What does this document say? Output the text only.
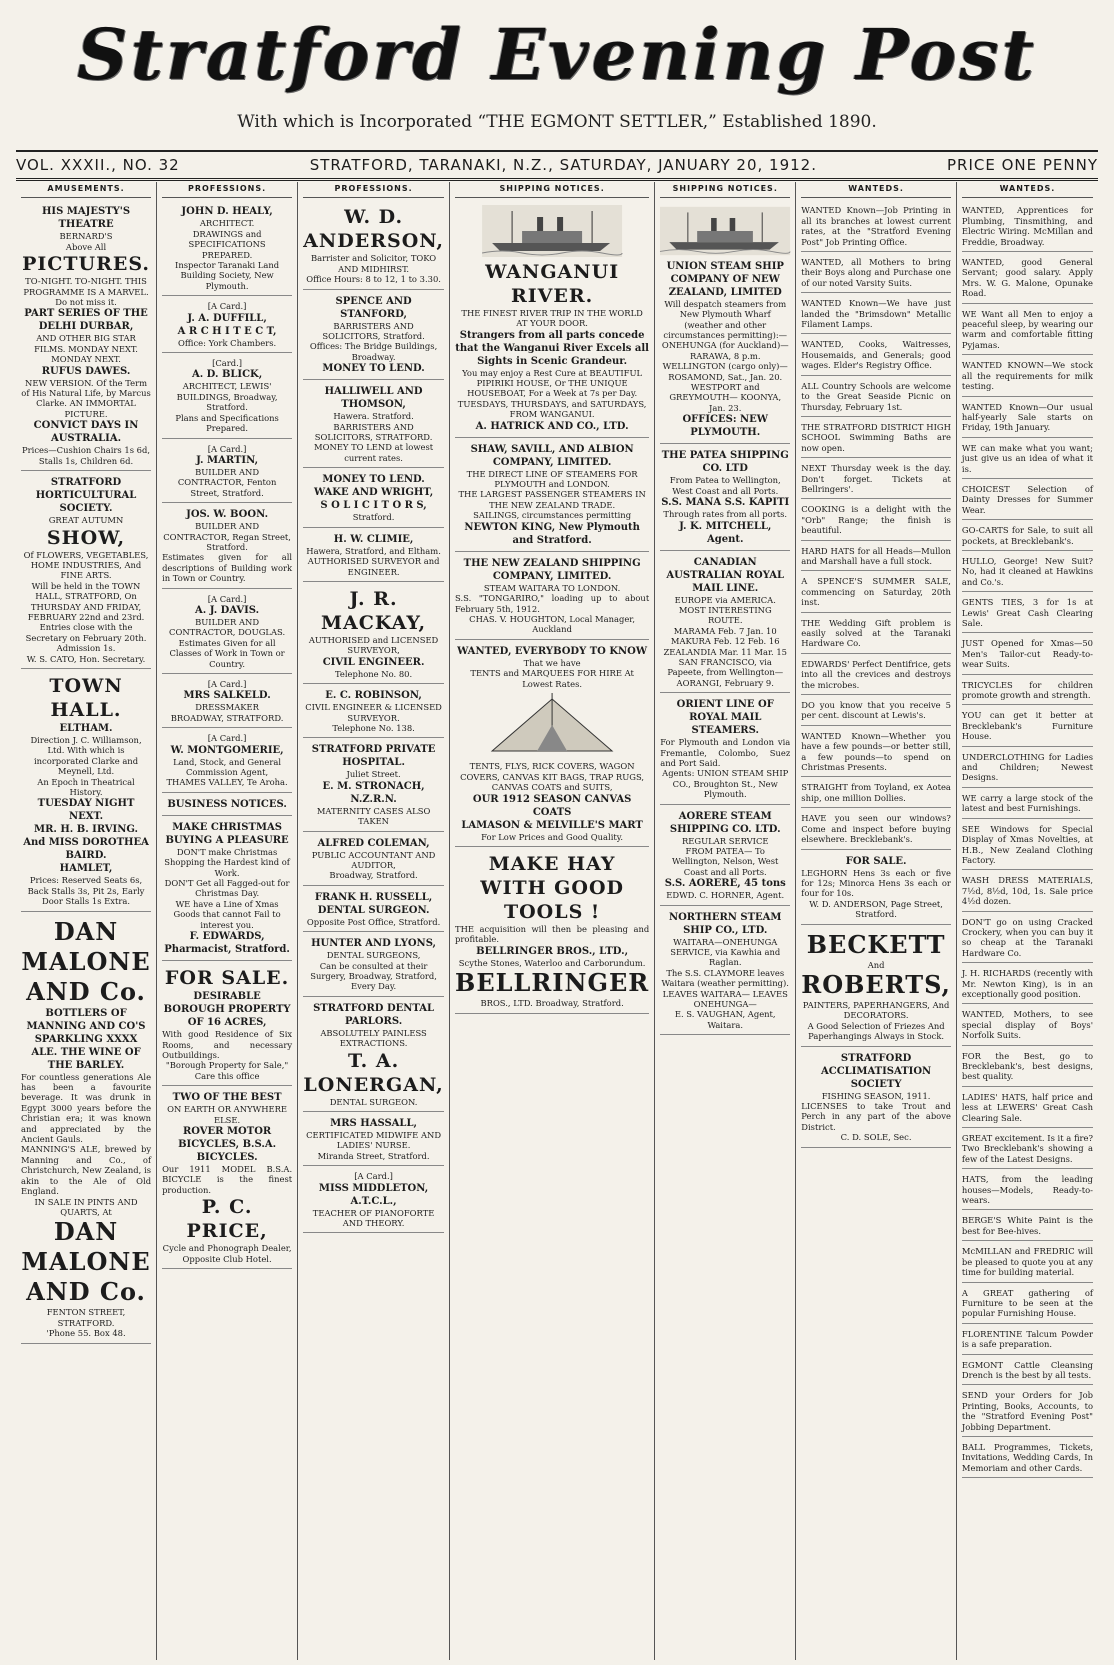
Stratford Evening Post
With which is Incorporated “THE EGMONT SETTLER,” Established 1890.
VOL. XXXII., NO. 32	STRATFORD, TARANAKI, N.Z., SATURDAY, JANUARY 20, 1912.	PRICE ONE PENNY
AMUSEMENTS.
HIS MAJESTY'S THEATRE
BERNARD'S
Above All
PICTURES.
TO-NIGHT. TO-NIGHT. THIS PROGRAMME IS A MARVEL. Do not miss it.
PART SERIES OF THE DELHI DURBAR,
AND OTHER BIG STAR FILMS. MONDAY NEXT. MONDAY NEXT.
RUFUS DAWES.
NEW VERSION. Of the Term of His Natural Life, by Marcus Clarke. AN IMMORTAL PICTURE.
CONVICT DAYS IN AUSTRALIA.
Prices—Cushion Chairs 1s 6d, Stalls 1s, Children 6d.
STRATFORD HORTICULTURAL SOCIETY.
GREAT AUTUMN
SHOW,
Of FLOWERS, VEGETABLES, HOME INDUSTRIES, And FINE ARTS.
Will be held in the TOWN HALL, STRATFORD, On THURSDAY AND FRIDAY, FEBRUARY 22nd and 23rd.
Entries close with the Secretary on February 20th. Admission 1s.
W. S. CATO, Hon. Secretary.
TOWN HALL.
ELTHAM.
Direction J. C. Williamson, Ltd. With which is incorporated Clarke and Meynell, Ltd.
An Epoch in Theatrical History.
TUESDAY NIGHT NEXT.
MR. H. B. IRVING.
And MISS DOROTHEA BAIRD.
HAMLET,
Prices: Reserved Seats 6s, Back Stalls 3s, Pit 2s, Early Door Stalls 1s Extra.
DAN
MALONE
AND Co.
BOTTLERS OF MANNING AND CO'S SPARKLING XXXX ALE. THE WINE OF THE BARLEY.
For countless generations Ale has been a favourite beverage. It was drunk in Egypt 3000 years before the Christian era; it was known and appreciated by the Ancient Gauls.
MANNING'S ALE, brewed by Manning and Co., of Christchurch, New Zealand, is akin to the Ale of Old England.
IN SALE IN PINTS AND QUARTS, At
DAN
MALONE
AND Co.
FENTON STREET, STRATFORD.
'Phone 55. Box 48.
PROFESSIONS.
JOHN D. HEALY,
ARCHITECT.
DRAWINGS and SPECIFICATIONS PREPARED.
Inspector Taranaki Land Building Society, New Plymouth.
[A Card.]
J. A. DUFFILL,
A R C H I T E C T,
Office: York Chambers.
[Card.]
A. D. BLICK,
ARCHITECT, LEWIS' BUILDINGS, Broadway, Stratford.
Plans and Specifications Prepared.
[A Card.]
J. MARTIN,
BUILDER AND CONTRACTOR, Fenton Street, Stratford.
JOS. W. BOON.
BUILDER AND CONTRACTOR, Regan Street, Stratford.
Estimates given for all descriptions of Building work in Town or Country.
[A Card.]
A. J. DAVIS.
BUILDER AND CONTRACTOR, DOUGLAS.
Estimates Given for all Classes of Work in Town or Country.
[A Card.]
MRS SALKELD.
DRESSMAKER
BROADWAY, STRATFORD.
[A Card.]
W. MONTGOMERIE,
Land, Stock, and General Commission Agent,
THAMES VALLEY, Te Aroha.
BUSINESS NOTICES.
MAKE CHRISTMAS BUYING A PLEASURE
DON'T make Christmas Shopping the Hardest kind of Work.
DON'T Get all Fagged-out for Christmas Day.
WE have a Line of Xmas Goods that cannot Fail to interest you.
F. EDWARDS, Pharmacist, Stratford.
FOR SALE.
DESIRABLE BOROUGH PROPERTY OF 16 ACRES,
With good Residence of Six Rooms, and necessary Outbuildings.
"Borough Property for Sale," Care this office
TWO OF THE BEST
ON EARTH OR ANYWHERE ELSE.
ROVER MOTOR BICYCLES, B.S.A. BICYCLES.
Our 1911 MODEL B.S.A. BICYCLE is the finest production.
P. C. PRICE,
Cycle and Phonograph Dealer, Opposite Club Hotel.
PROFESSIONS.
W. D. ANDERSON,
Barrister and Solicitor, TOKO AND MIDHIRST.
Office Hours: 8 to 12, 1 to 3.30.
SPENCE AND STANFORD,
BARRISTERS AND SOLICITORS, Stratford.
Offices: The Bridge Buildings, Broadway.
MONEY TO LEND.
HALLIWELL AND THOMSON,
Hawera. Stratford.
BARRISTERS AND SOLICITORS, STRATFORD.
MONEY TO LEND at lowest current rates.
MONEY TO LEND.
WAKE AND WRIGHT,
S O L I C I T O R S,
Stratford.
H. W. CLIMIE,
Hawera, Stratford, and Eltham.
AUTHORISED SURVEYOR and ENGINEER.
J. R. MACKAY,
AUTHORISED and LICENSED SURVEYOR,
CIVIL ENGINEER.
Telephone No. 80.
E. C. ROBINSON,
CIVIL ENGINEER & LICENSED SURVEYOR.
Telephone No. 138.
STRATFORD PRIVATE HOSPITAL.
Juliet Street.
E. M. STRONACH, N.Z.R.N.
MATERNITY CASES ALSO TAKEN
ALFRED COLEMAN,
PUBLIC ACCOUNTANT AND AUDITOR,
Broadway, Stratford.
FRANK H. RUSSELL,
DENTAL SURGEON.
Opposite Post Office, Stratford.
HUNTER AND LYONS,
DENTAL SURGEONS,
Can be consulted at their Surgery, Broadway, Stratford, Every Day.
STRATFORD DENTAL PARLORS.
ABSOLUTELY PAINLESS EXTRACTIONS.
T. A. LONERGAN,
DENTAL SURGEON.
MRS HASSALL,
CERTIFICATED MIDWIFE AND LADIES' NURSE.
Miranda Street, Stratford.
[A Card.]
MISS MIDDLETON, A.T.C.L.,
TEACHER OF PIANOFORTE AND THEORY.
SHIPPING NOTICES.
WANGANUI RIVER.
THE FINEST RIVER TRIP IN THE WORLD AT YOUR DOOR.
Strangers from all parts concede that the Wanganui River Excels all Sights in Scenic Grandeur.
You may enjoy a Rest Cure at BEAUTIFUL PIPIRIKI HOUSE, Or THE UNIQUE HOUSEBOAT, For a Week at 7s per Day.
TUESDAYS, THURSDAYS, and SATURDAYS, FROM WANGANUI.
A. HATRICK AND CO., LTD.
SHAW, SAVILL, AND ALBION COMPANY, LIMITED.
THE DIRECT LINE OF STEAMERS FOR PLYMOUTH and LONDON.
THE LARGEST PASSENGER STEAMERS IN THE NEW ZEALAND TRADE.
SAILINGS, circumstances permitting
NEWTON KING, New Plymouth and Stratford.
THE NEW ZEALAND SHIPPING COMPANY, LIMITED.
STEAM WAITARA TO LONDON.
S.S. "TONGARIRO," loading up to about February 5th, 1912.
CHAS. V. HOUGHTON, Local Manager, Auckland
WANTED, EVERYBODY TO KNOW
That we have
TENTS and MARQUEES FOR HIRE At Lowest Rates.
TENTS, FLYS, RICK COVERS, WAGON COVERS, CANVAS KIT BAGS, TRAP RUGS, CANVAS COATS and SUITS,
OUR 1912 SEASON CANVAS COATS
LAMASON & MELVILLE'S MART
For Low Prices and Good Quality.
MAKE HAY WITH GOOD TOOLS !
THE acquisition will then be pleasing and profitable.
BELLRINGER BROS., LTD.,
Scythe Stones, Waterloo and Carborundum.
BELLRINGER
BROS., LTD. Broadway, Stratford.
SHIPPING NOTICES.
UNION STEAM SHIP COMPANY OF NEW ZEALAND, LIMITED
Will despatch steamers from New Plymouth Wharf (weather and other circumstances permitting):—
ONEHUNGA (for Auckland)— RARAWA, 8 p.m.
WELLINGTON (cargo only)— ROSAMOND, Sat., Jan. 20.
WESTPORT and GREYMOUTH— KOONYA, Jan. 23.
OFFICES: NEW PLYMOUTH.
THE PATEA SHIPPING CO. LTD
From Patea to Wellington, West Coast and all Ports.
S.S. MANA S.S. KAPITI
Through rates from all ports.
J. K. MITCHELL, Agent.
CANADIAN AUSTRALIAN ROYAL MAIL LINE.
EUROPE via AMERICA.
MOST INTERESTING ROUTE.
MARAMA Feb. 7 Jan. 10 MAKURA Feb. 12 Feb. 16 ZEALANDIA Mar. 11 Mar. 15
SAN FRANCISCO, via Papeete, from Wellington— AORANGI, February 9.
ORIENT LINE OF ROYAL MAIL STEAMERS.
For Plymouth and London via Fremantle, Colombo, Suez and Port Said.
Agents: UNION STEAM SHIP CO., Broughton St., New Plymouth.
AORERE STEAM SHIPPING CO. LTD.
REGULAR SERVICE
FROM PATEA— To Wellington, Nelson, West Coast and all Ports.
S.S. AORERE, 45 tons
EDWD. C. HORNER, Agent.
NORTHERN STEAM SHIP CO., LTD.
WAITARA—ONEHUNGA SERVICE, via Kawhia and Raglan.
The S.S. CLAYMORE leaves Waitara (weather permitting).
LEAVES WAITARA— LEAVES ONEHUNGA—
E. S. VAUGHAN, Agent, Waitara.
WANTEDS.
WANTED Known—Job Printing in all its branches at lowest current rates, at the "Stratford Evening Post" Job Printing Office.
WANTED, all Mothers to bring their Boys along and Purchase one of our noted Varsity Suits.
WANTED Known—We have just landed the "Brimsdown" Metallic Filament Lamps.
WANTED, Cooks, Waitresses, Housemaids, and Generals; good wages. Elder's Registry Office.
ALL Country Schools are welcome to the Great Seaside Picnic on Thursday, February 1st.
THE STRATFORD DISTRICT HIGH SCHOOL Swimming Baths are now open.
NEXT Thursday week is the day. Don't forget. Tickets at Bellringers'.
COOKING is a delight with the "Orb" Range; the finish is beautiful.
HARD HATS for all Heads—Mullon and Marshall have a full stock.
A SPENCE'S SUMMER SALE, commencing on Saturday, 20th inst.
THE Wedding Gift problem is easily solved at the Taranaki Hardware Co.
EDWARDS' Perfect Dentifrice, gets into all the crevices and destroys the microbes.
DO you know that you receive 5 per cent. discount at Lewis's.
WANTED Known—Whether you have a few pounds—or better still, a few pounds—to spend on Christmas Presents.
STRAIGHT from Toyland, ex Aotea ship, one million Dollies.
HAVE you seen our windows? Come and inspect before buying elsewhere. Brecklebank's.
FOR SALE.
LEGHORN Hens 3s each or five for 12s; Minorca Hens 3s each or four for 10s.
W. D. ANDERSON, Page Street, Stratford.
BECKETT
And
ROBERTS,
PAINTERS, PAPERHANGERS, And DECORATORS.
A Good Selection of Friezes And Paperhangings Always in Stock.
STRATFORD ACCLIMATISATION SOCIETY
FISHING SEASON, 1911.
LICENSES to take Trout and Perch in any part of the above District.
C. D. SOLE, Sec.
WANTEDS.
WANTED, Apprentices for Plumbing, Tinsmithing, and Electric Wiring. McMillan and Freddie, Broadway.
WANTED, good General Servant; good salary. Apply Mrs. W. G. Malone, Opunake Road.
WE Want all Men to enjoy a peaceful sleep, by wearing our warm and comfortable fitting Pyjamas.
WANTED KNOWN—We stock all the requirements for milk testing.
WANTED Known—Our usual half-yearly Sale starts on Friday, 19th January.
WE can make what you want; just give us an idea of what it is.
CHOICEST Selection of Dainty Dresses for Summer Wear.
GO-CARTS for Sale, to suit all pockets, at Brecklebank's.
HULLO, George! New Suit? No, had it cleaned at Hawkins and Co.'s.
GENTS TIES, 3 for 1s at Lewis' Great Cash Clearing Sale.
JUST Opened for Xmas—50 Men's Tailor-cut Ready-to-wear Suits.
TRICYCLES for children promote growth and strength.
YOU can get it better at Brecklebank's Furniture House.
UNDERCLOTHING for Ladies and Children; Newest Designs.
WE carry a large stock of the latest and best Furnishings.
SEE Windows for Special Display of Xmas Novelties, at H.B., New Zealand Clothing Factory.
WASH DRESS MATERIALS, 7½d, 8½d, 10d, 1s. Sale price 4½d dozen.
DON'T go on using Cracked Crockery, when you can buy it so cheap at the Taranaki Hardware Co.
J. H. RICHARDS (recently with Mr. Newton King), is in an exceptionally good position.
WANTED, Mothers, to see special display of Boys' Norfolk Suits.
FOR the Best, go to Brecklebank's, best designs, best quality.
LADIES' HATS, half price and less at LEWERS' Great Cash Clearing Sale.
GREAT excitement. Is it a fire? Two Brecklebank's showing a few of the Latest Designs.
HATS, from the leading houses—Models, Ready-to-wears.
BERGE'S White Paint is the best for Bee-hives.
McMILLAN and FREDRIC will be pleased to quote you at any time for building material.
A GREAT gathering of Furniture to be seen at the popular Furnishing House.
FLORENTINE Talcum Powder is a safe preparation.
EGMONT Cattle Cleansing Drench is the best by all tests.
SEND your Orders for Job Printing, Books, Accounts, to the "Stratford Evening Post" Jobbing Department.
BALL Programmes, Tickets, Invitations, Wedding Cards, In Memoriam and other Cards.
